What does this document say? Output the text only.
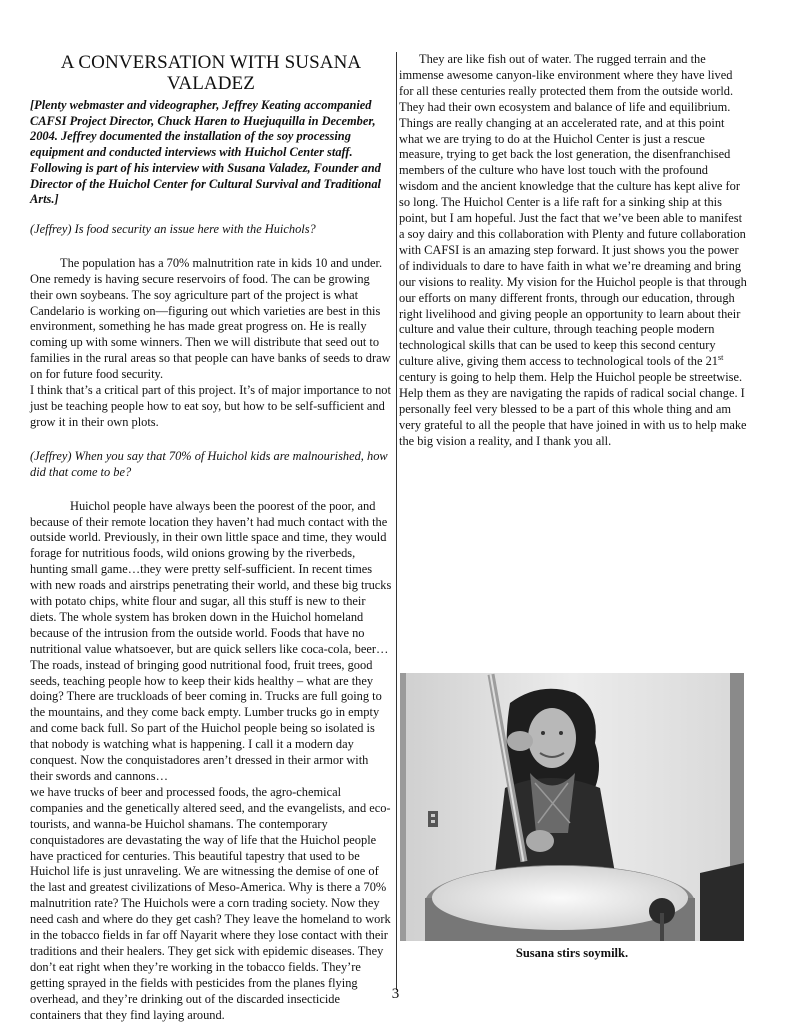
A CONVERSATION WITH SUSANA VALADEZ

[Plenty webmaster and videographer, Jeffrey Keating accompanied CAFSI Project Director, Chuck Haren to Huejuquilla in December, 2004. Jeffrey documented the installation of the soy processing equipment and conducted interviews with Huichol Center staff. Following is part of his interview with Susana Valadez, Founder and Director of the Huichol Center for Cultural Survival and Traditional Arts.]

(Jeffrey) Is food security an issue here with the Huichols?

The population has a 70% malnutrition rate in kids 10 and under. One remedy is having secure reservoirs of food. The can be growing their own soybeans. The soy agriculture part of the project is what Candelario is working on—figuring out which varieties are best in this environment, something he has made great progress on. He is really coming up with some winners. Then we will distribute that seed out to families in the rural areas so that people can have banks of seeds to draw on for future food security.

I think that’s a critical part of this project. It’s of major importance to not just be teaching people how to eat soy, but how to be self-sufficient and grow it in their own plots.

(Jeffrey) When you say that 70% of Huichol kids are malnourished, how did that come to be?

Huichol people have always been the poorest of the poor, and because of their remote location they haven’t had much contact with the outside world. Previously, in their own little space and time, they would forage for nutritious foods, wild onions growing by the riverbeds, hunting small game…they were pretty self-sufficient. In recent times with new roads and airstrips penetrating their world, and these big trucks with potato chips, white flour and sugar, all this stuff is new to their diets. The whole system has broken down in the Huichol homeland because of the intrusion from the outside world. Foods that have no nutritional value whatsoever, but are quick sellers like coca-cola, beer…The roads, instead of bringing good nutritional food, fruit trees, good seeds, teaching people how to keep their kids healthy – what are they doing? There are truckloads of beer coming in. Trucks are full going to the mountains, and they come back empty. Lumber trucks go in empty and come back full. So part of the Huichol people being so isolated is that nobody is watching what is happening. I call it a modern day conquest. Now the conquistadores aren’t dressed in their armor with their swords and cannons…

we have trucks of beer and processed foods, the agro-chemical companies and the genetically altered seed, and the evangelists, and eco-tourists, and wanna-be Huichol shamans. The contemporary conquistadores are devastating the way of life that the Huichol people have practiced for centuries. This beautiful tapestry that used to be Huichol life is just unraveling. We are witnessing the demise of one of the last and greatest civilizations of Meso-America. Why is there a 70% malnutrition rate? The Huichols were a corn trading society. Now they need cash and where do they get cash? They leave the homeland to work in the tobacco fields in far off Nayarit where they lose contact with their traditions and their healers. They get sick with epidemic diseases. They don’t eat right when they’re working in the tobacco fields. They’re getting sprayed in the fields with pesticides from the planes flying overhead, and they’re drinking out of the discarded insecticide containers that they find laying around.

They are like fish out of water. The rugged terrain and the immense awesome canyon-like environment where they have lived for all these centuries really protected them from the outside world. They had their own ecosystem and balance of life and equilibrium. Things are really changing at an accelerated rate, and at this point what we are trying to do at the Huichol Center is just a rescue measure, trying to get back the lost generation, the disenfranchised members of the culture who have lost touch with the profound wisdom and the ancient knowledge that the culture has kept alive for so long. The Huichol Center is a life raft for a sinking ship at this point, but I am hopeful. Just the fact that we’ve been able to manifest a soy dairy and this collaboration with Plenty and future collaboration with CAFSI is an amazing step forward. It just shows you the power of individuals to dare to have faith in what we’re dreaming and bring our visions to reality. My vision for the Huichol people is that through our efforts on many different fronts, through our education, through right livelihood and giving people an opportunity to learn about their culture and value their culture, through teaching people modern technological skills that can be used to keep this second century culture alive, giving them access to technological tools of the 21st century is going to help them. Help the Huichol people be streetwise. Help them as they are navigating the rapids of radical social change. I personally feel very blessed to be a part of this whole thing and am very grateful to all the people that have joined in with us to help make the big vision a reality, and I thank you all.

Susana stirs soymilk.
3
